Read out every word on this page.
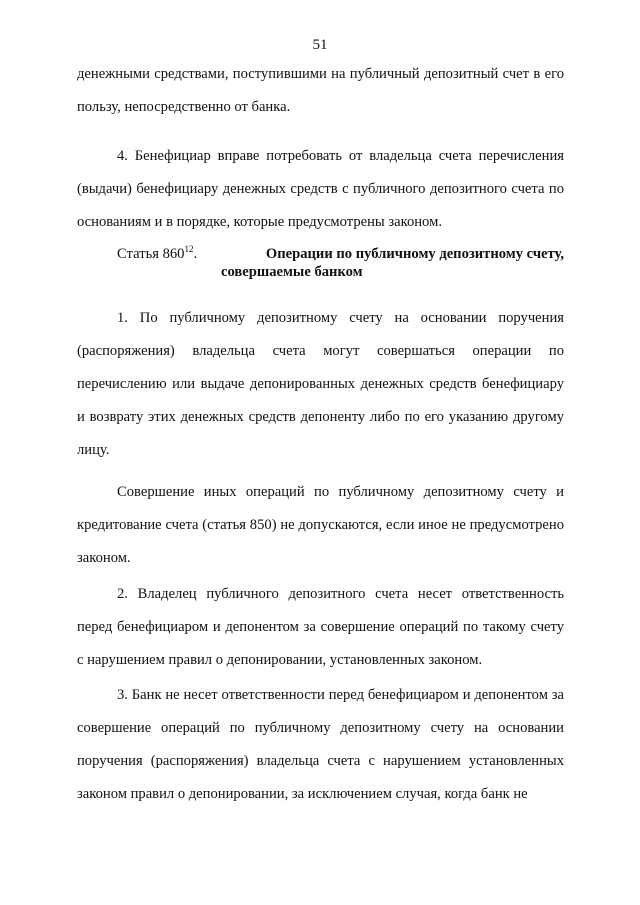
51

денежными средствами, поступившими на публичный депозитный счет в его пользу, непосредственно от банка.

4. Бенефициар вправе потребовать от владельца счета перечисления (выдачи) бенефициару денежных средств с публичного депозитного счета по основаниям и в порядке, которые предусмотрены законом.

Статья $860^{12}$.	Операции по публичному депозитному счету,
совершаемые банком

1. По публичному депозитному счету на основании поручения (распоряжения) владельца счета могут совершаться операции по перечислению или выдаче депонированных денежных средств бенефициару и возврату этих денежных средств депоненту либо по его указанию другому лицу.

Совершение иных операций по публичному депозитному счету и кредитование счета (статья 850) не допускаются, если иное не предусмотрено законом.

2. Владелец публичного депозитного счета несет ответственность перед бенефициаром и депонентом за совершение операций по такому счету с нарушением правил о депонировании, установленных законом.

3. Банк не несет ответственности перед бенефициаром и депонентом за совершение операций по публичному депозитному счету на основании поручения (распоряжения) владельца счета с нарушением установленных законом правил о депонировании, за исключением случая, когда банк не
